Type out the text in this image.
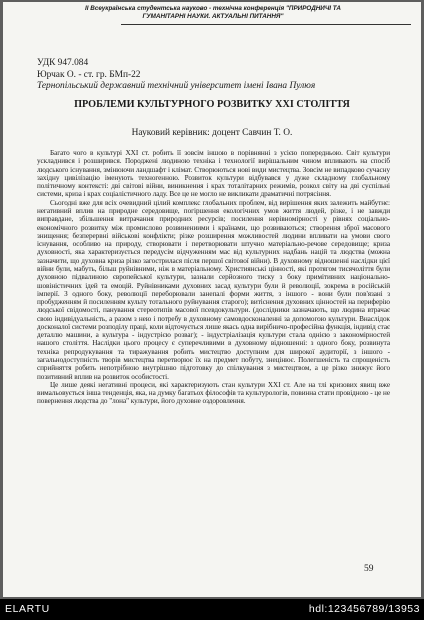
ІІ Всеукраїнська студентська науково - технічна конференція "ПРИРОДНИЧІ ТА ГУМАНІТАРНІ НАУКИ. АКТУАЛЬНІ ПИТАННЯ"
УДК 947.084
Юрчак О. - ст. гр. БМп-22
Тернопільський державний технічний університет імені Івана Пулюя
ПРОБЛЕМИ КУЛЬТУРНОГО РОЗВИТКУ ХХІ СТОЛІТТЯ
Науковий керівник: доцент Савчин Т. О.

Багато чого в культурі ХХІ ст. робить її зовсім іншою в порівнянні з усією попередньою. Світ культури ускладнився і розширився. Породжені людиною техніка і технології вирішальним чином впливають на спосіб людського існування, змінюючи ландшафт і клімат. Створюються нові види мистецтва. Зовсім не випадково сучасну західну цивілізацію іменують техногенною. Розвиток культури відбувався у дуже складному глобальному політичному контексті: дві світові війни, виникнення і крах тоталітарних режимів, розкол світу на дві суспільні системи, криза і крах соціалістичного ладу. Все це не могло не викликати драматичні потрясіння.

Сьогодні вже для всіх очевидний цілий комплекс глобальних проблем, від вирішення яких залежить майбутнє: негативний вплив на природне середовище, погіршення екологічних умов життя людей, різке, і не завжди виправдане, збільшення витрачання природних ресурсів; посилення нерівномірності у рівнях соціально-економічного розвитку між промислово розвинениими і країнами, що розвиваються; створення зброї масового знищення; безперервні військові конфлікти; різке розширення можливостей людини впливати на умови свого існування, особливо на природу, створювати і перетворювати штучно матеріально-речове середовище; криза духовності, яка характеризується передусім відчуженням мас від культурних надбань націй та людства (можна зазначити, що духовна криза різко загострилася після першої світової війни). В духовному відношенні наслідки цієї війни були, мабуть, більш руйнівними, ніж в матеріальному. Християнські цінності, які протягом тисячоліття були духовною підвалиною європейської культури, зазнали серйозного тиску з боку примітивних національно-шовіністичних ідей та емоцій. Руйнівниками духовних засад культури були й революції, зокрема в російській імперії. З одного боку, революції переборювали занепалі форми життя, з іншого - вони були пов'язані з пробудженням й посиленням культу тотального руйнування старого); витіснення духовних цінностей на периферію людської свідомості, панування стереотипів масової псевдокультури. (дослідники зазначають, що людина втрачає свою індивідуальність, а разом з нею і потребу в духовному самовдосконаленні за допомогою культури. Внаслідок досконалої системи розподілу праці, коли відточується лише якась одна вирібничо-професійна функція, індивід стає деталлю машини, а культура - індустрією розваг); - індустріалізація культури стала однією з закономірностей нашого століття. Наслідки цього процесу є суперечливими в духовному відношенні: з одного боку, розвинута техніка репродукування та тиражування робить мистецтво доступним для широкої аудиторії, з іншого - загальнодоступність творів мистецтва перетворює їх на предмет побуту, знецінює. Полегшеність та спрощеність сприйняття робить непотрібною внутрішню підготовку до спілкування з мистецтвом, а це різко знижує його позитивний вплив на розвиток особистості.

Це лише деякі негативні процеси, які характеризують стан культури ХХІ ст. Але на тлі кризових явищ вже вимальовується інша тенденція, яка, на думку багатьох філософів та культурологів, повинна стати провідною - це не повернення людства до "лона" культури, його духовне оздоровлення.

59
ELARTU	hdl:123456789/13953
